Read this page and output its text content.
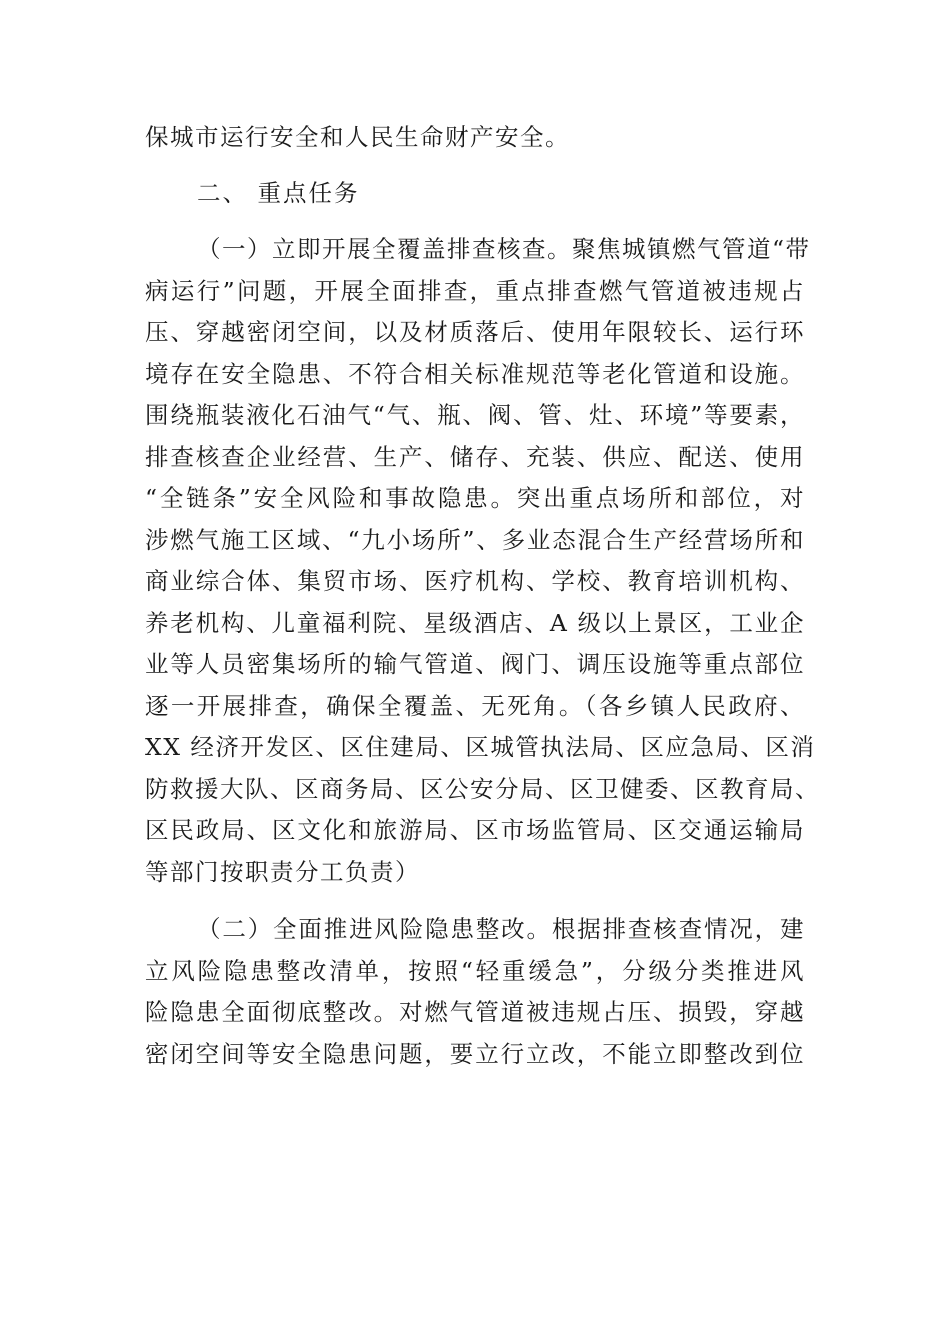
保城市运行安全和人民生命财产安全。
二、 重点任务
（一）立即开展全覆盖排查核查。聚焦城镇燃气管道“带
病运行”问题，开展全面排查，重点排查燃气管道被违规占
压、穿越密闭空间，以及材质落后、使用年限较长、运行环
境存在安全隐患、不符合相关标准规范等老化管道和设施。
围绕瓶装液化石油气“气、瓶、阀、管、灶、环境”等要素，
排查核查企业经营、生产、储存、充装、供应、配送、使用
“全链条”安全风险和事故隐患。突出重点场所和部位，对
涉燃气施工区域、“九小场所”、多业态混合生产经营场所和
商业综合体、集贸市场、医疗机构、学校、教育培训机构、
养老机构、儿童福利院、星级酒店、A 级以上景区，工业企
业等人员密集场所的输气管道、阀门、调压设施等重点部位
逐一开展排查，确保全覆盖、无死角。（各乡镇人民政府、
XX 经济开发区、区住建局、区城管执法局、区应急局、区消
防救援大队、区商务局、区公安分局、区卫健委、区教育局、
区民政局、区文化和旅游局、区市场监管局、区交通运输局
等部门按职责分工负责）
（二）全面推进风险隐患整改。根据排查核查情况，建
立风险隐患整改清单，按照“轻重缓急”，分级分类推进风
险隐患全面彻底整改。对燃气管道被违规占压、损毁，穿越
密闭空间等安全隐患问题，要立行立改，不能立即整改到位
